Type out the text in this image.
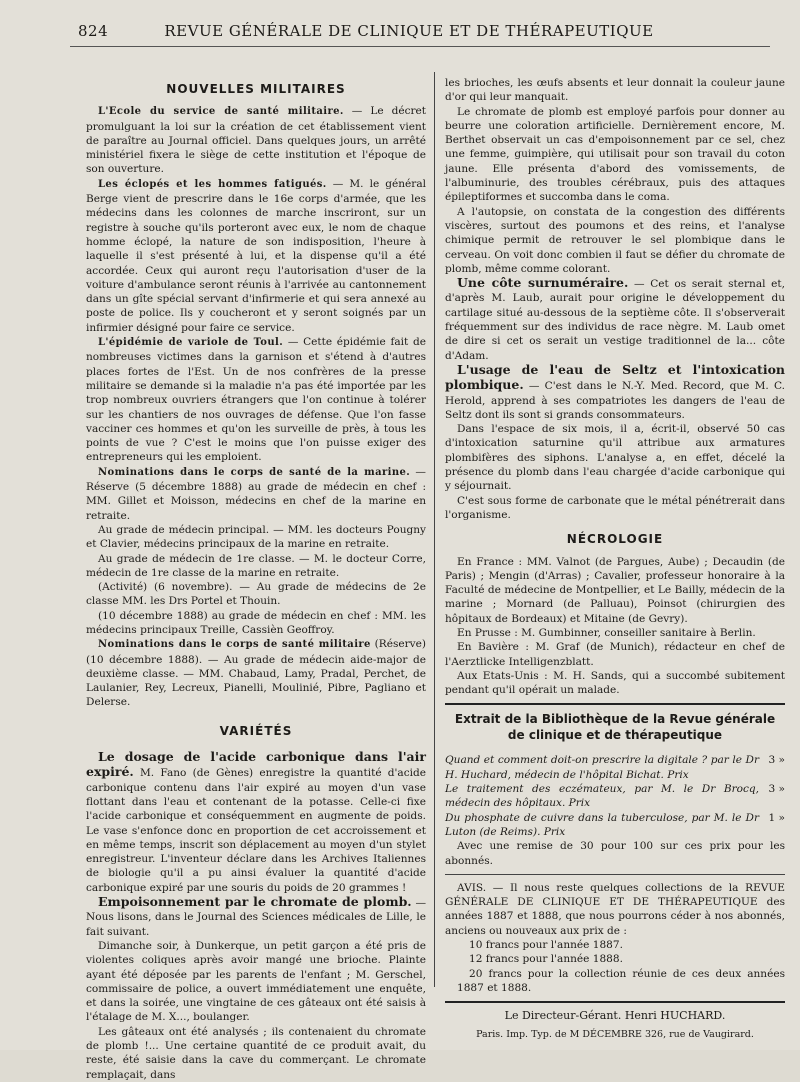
824	REVUE GÉNÉRALE DE CLINIQUE ET DE THÉRAPEUTIQUE
NOUVELLES MILITAIRES

L'Ecole du service de santé militaire. — Le décret promulguant la loi sur la création de cet établissement vient de paraître au Journal officiel. Dans quelques jours, un arrêté ministériel fixera le siège de cette institution et l'époque de son ouverture.

Les éclopés et les hommes fatigués. — M. le général Berge vient de prescrire dans le 16e corps d'armée, que les médecins dans les colonnes de marche inscriront, sur un registre à souche qu'ils porteront avec eux, le nom de chaque homme éclopé, la nature de son indisposition, l'heure à laquelle il s'est présenté à lui, et la dispense qu'il a été accordée. Ceux qui auront reçu l'autorisation d'user de la voiture d'ambulance seront réunis à l'arrivée au cantonnement dans un gîte spécial servant d'infirmerie et qui sera annexé au poste de police. Ils y coucheront et y seront soignés par un infirmier désigné pour faire ce service.

L'épidémie de variole de Toul. — Cette épidémie fait de nombreuses victimes dans la garnison et s'étend à d'autres places fortes de l'Est. Un de nos confrères de la presse militaire se demande si la maladie n'a pas été importée par les trop nombreux ouvriers étrangers que l'on continue à tolérer sur les chantiers de nos ouvrages de défense. Que l'on fasse vacciner ces hommes et qu'on les surveille de près, à tous les points de vue ? C'est le moins que l'on puisse exiger des entrepreneurs qui les emploient.

Nominations dans le corps de santé de la marine. — Réserve (5 décembre 1888) au grade de médecin en chef : MM. Gillet et Moisson, médecins en chef de la marine en retraite.

Au grade de médecin principal. — MM. les docteurs Pougny et Clavier, médecins principaux de la marine en retraite.

Au grade de médecin de 1re classe. — M. le docteur Corre, médecin de 1re classe de la marine en retraite.

(Activité) (6 novembre). — Au grade de médecins de 2e classe MM. les Drs Portel et Thouin.

(10 décembre 1888) au grade de médecin en chef : MM. les médecins principaux Treille, Cassièn Geoffroy.

Nominations dans le corps de santé militaire (Réserve) (10 décembre 1888). — Au grade de médecin aide-major de deuxième classe. — MM. Chabaud, Lamy, Pradal, Perchet, de Laulanier, Rey, Lecreux, Pianelli, Moulinié, Pibre, Pagliano et Delerse.

VARIÉTÉS

Le dosage de l'acide carbonique dans l'air expiré. M. Fano (de Gènes) enregistre la quantité d'acide carbonique contenu dans l'air expiré au moyen d'un vase flottant dans l'eau et contenant de la potasse. Celle-ci fixe l'acide carbonique et conséquemment en augmente de poids. Le vase s'enfonce donc en proportion de cet accroissement et en même temps, inscrit son déplacement au moyen d'un stylet enregistreur. L'inventeur déclare dans les Archives Italiennes de biologie qu'il a pu ainsi évaluer la quantité d'acide carbonique expiré par une souris du poids de 20 grammes !

Empoisonnement par le chromate de plomb. — Nous lisons, dans le Journal des Sciences médicales de Lille, le fait suivant.

Dimanche soir, à Dunkerque, un petit garçon a été pris de violentes coliques après avoir mangé une brioche. Plainte ayant été déposée par les parents de l'enfant ; M. Gerschel, commissaire de police, a ouvert immédiatement une enquête, et dans la soirée, une vingtaine de ces gâteaux ont été saisis à l'étalage de M. X..., boulanger.

Les gâteaux ont été analysés ; ils contenaient du chromate de plomb !... Une certaine quantité de ce produit avait, du reste, été saisie dans la cave du commerçant. Le chromate remplaçait, dans

les brioches, les œufs absents et leur donnait la couleur jaune d'or qui leur manquait.

Le chromate de plomb est employé parfois pour donner au beurre une coloration artificielle. Dernièrement encore, M. Berthet observait un cas d'empoisonnement par ce sel, chez une femme, guimpière, qui utilisait pour son travail du coton jaune. Elle présenta d'abord des vomissements, de l'albuminurie, des troubles cérébraux, puis des attaques épileptiformes et succomba dans le coma.

A l'autopsie, on constata de la congestion des différents viscères, surtout des poumons et des reins, et l'analyse chimique permit de retrouver le sel plombique dans le cerveau. On voit donc combien il faut se défier du chromate de plomb, même comme colorant.

Une côte surnuméraire. — Cet os serait sternal et, d'après M. Laub, aurait pour origine le développement du cartilage situé au-dessous de la septième côte. Il s'observerait fréquemment sur des individus de race nègre. M. Laub omet de dire si cet os serait un vestige traditionnel de la... côte d'Adam.

L'usage de l'eau de Seltz et l'intoxication plombique. — C'est dans le N.-Y. Med. Record, que M. C. Herold, apprend à ses compatriotes les dangers de l'eau de Seltz dont ils sont si grands consommateurs.

Dans l'espace de six mois, il a, écrit-il, observé 50 cas d'intoxication saturnine qu'il attribue aux armatures plombifères des siphons. L'analyse a, en effet, décelé la présence du plomb dans l'eau chargée d'acide carbonique qui y séjournait.

C'est sous forme de carbonate que le métal pénétrerait dans l'organisme.

NÉCROLOGIE

En France : MM. Valnot (de Pargues, Aube) ; Decaudin (de Paris) ; Mengin (d'Arras) ; Cavalier, professeur honoraire à la Faculté de médecine de Montpellier, et Le Bailly, médecin de la marine ; Mornard (de Palluau), Poinsot (chirurgien des hôpitaux de Bordeaux) et Mitaine (de Gevry).

En Prusse : M. Gumbinner, conseiller sanitaire à Berlin.

En Bavière : M. Graf (de Munich), rédacteur en chef de l'Aerztlicke Intelligenzblatt.

Aux Etats-Unis : M. H. Sands, qui a succombé subitement pendant qu'il opérait un malade.

Extrait de la Bibliothèque de la Revue générale de clinique et de thérapeutique
Quand et comment doit-on prescrire la digitale ? par le Dr H. Huchard, médecin de l'hôpital Bichat. Prix
3 »
Le traitement des eczémateux, par M. le Dr Brocq, médecin des hôpitaux. Prix
3 »
Du phosphate de cuivre dans la tuberculose, par M. le Dr Luton (de Reims). Prix
1 »

Avec une remise de 30 pour 100 sur ces prix pour les abonnés.

AVIS. — Il nous reste quelques collections de la REVUE GÉNÉRALE DE CLINIQUE ET DE THÉRAPEUTIQUE des années 1887 et 1888, que nous pourrons céder à nos abonnés, anciens ou nouveaux aux prix de :

10 francs pour l'année 1887.

12 francs pour l'année 1888.

20 francs pour la collection réunie de ces deux années 1887 et 1888.

Le Directeur-Gérant. Henri HUCHARD.
Paris. Imp. Typ. de M DÉCEMBRE 326, rue de Vaugirard.
